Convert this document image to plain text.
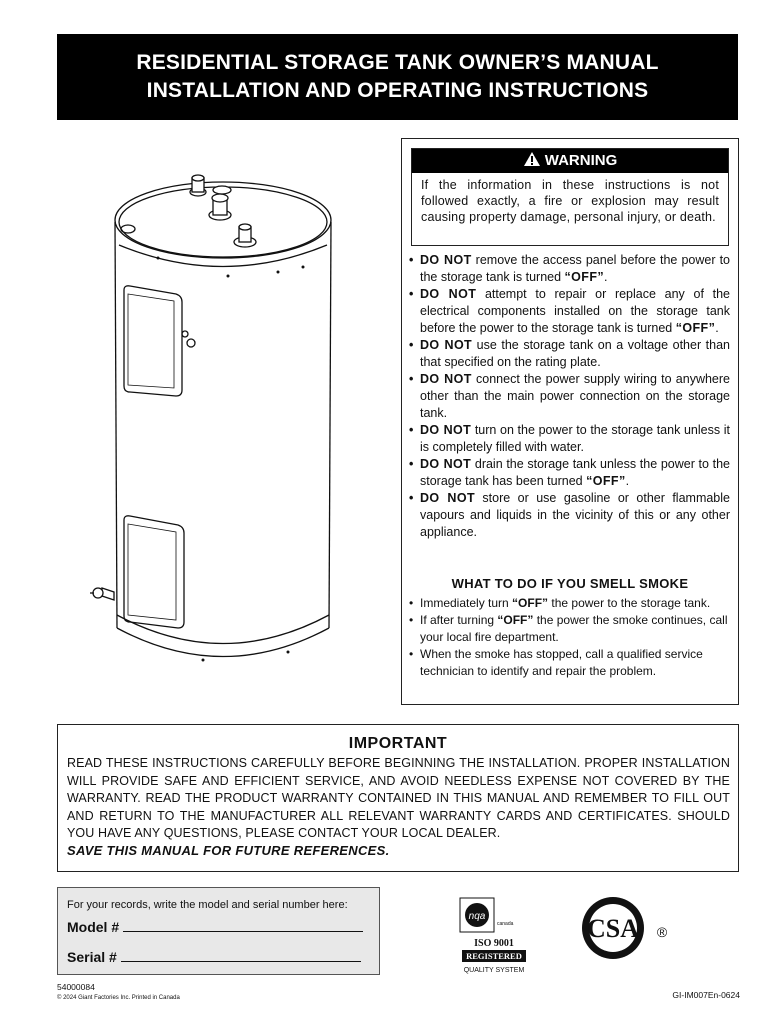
RESIDENTIAL STORAGE TANK OWNER’S MANUAL
INSTALLATION AND OPERATING INSTRUCTIONS
WARNING
If the information in these instructions is not followed exactly, a fire or explosion may result causing property damage, personal injury, or death.
• DO NOT remove the access panel before the power to the storage tank is turned “OFF”.
• DO NOT attempt to repair or replace any of the electrical components installed on the storage tank before the power to the storage tank is turned “OFF”.
• DO NOT use the storage tank on a voltage other than that specified on the rating plate.
• DO NOT connect the power supply wiring to anywhere other than the main power connection on the storage tank.
• DO NOT turn on the power to the storage tank unless it is completely filled with water.
• DO NOT drain the storage tank unless the power to the storage tank has been turned “OFF”.
• DO NOT store or use gasoline or other flammable vapours and liquids in the vicinity of this or any other appliance.
WHAT TO DO IF YOU SMELL SMOKE
• Immediately turn “OFF” the power to the storage tank.
• If after turning “OFF” the power the smoke continues, call your local fire department.
• When the smoke has stopped, call a qualified service technician to identify and repair the problem.
IMPORTANT
READ THESE INSTRUCTIONS CAREFULLY BEFORE BEGINNING THE INSTALLATION. PROPER INSTALLATION WILL PROVIDE SAFE AND EFFICIENT SERVICE, AND AVOID NEEDLESS EXPENSE NOT COVERED BY THE WARRANTY. READ THE PRODUCT WARRANTY CONTAINED IN THIS MANUAL AND REMEMBER TO FILL OUT AND RETURN TO THE MANUFACTURER ALL RELEVANT WARRANTY CARDS AND CERTIFICATES. SHOULD YOU HAVE ANY QUESTIONS, PLEASE CONTACT YOUR LOCAL DEALER.
SAVE THIS MANUAL FOR FUTURE REFERENCES.
For your records, write the model and serial number here:
Model #
Serial #
nqa
canada
ISO 9001
REGISTERED
QUALITY SYSTEM
CSA ®
54000084
© 2024 Giant Factories Inc. Printed in Canada	GI-IM007En-0624
